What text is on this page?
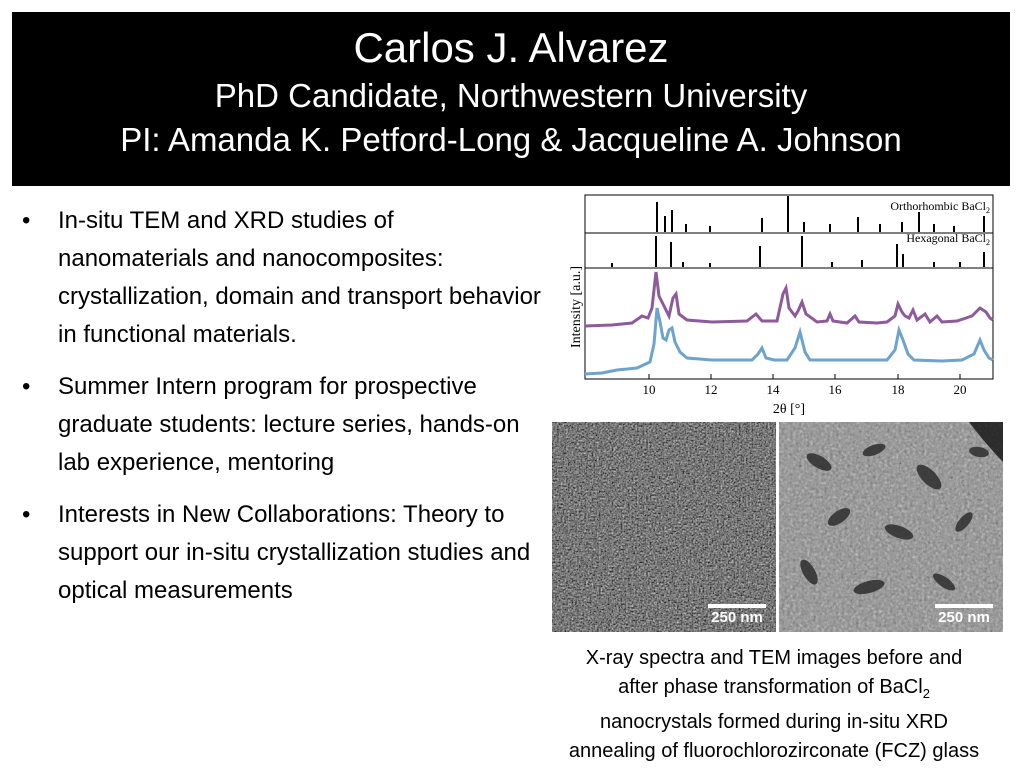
Carlos J. Alvarez
PhD Candidate, Northwestern University
PI: Amanda K. Petford-Long & Jacqueline A. Johnson
• In-situ TEM and XRD studies of nanomaterials and nanocomposites: crystallization, domain and transport behavior in functional materials.
• Summer Intern program for prospective graduate students: lecture series, hands-on lab experience, mentoring
• Interests in New Collaborations: Theory to support our in-situ crystallization studies and optical measurements
Intensity [a.u.]
Orthorhombic BaCl$_2$
Hexagonal BaCl$_2$
10	12	14	16	18	20
2θ [°]
250 nm	250 nm
X-ray spectra and TEM images before and
after phase transformation of BaCl$_2$
nanocrystals formed during in-situ XRD
annealing of fluorochlorozirconate (FCZ) glass
